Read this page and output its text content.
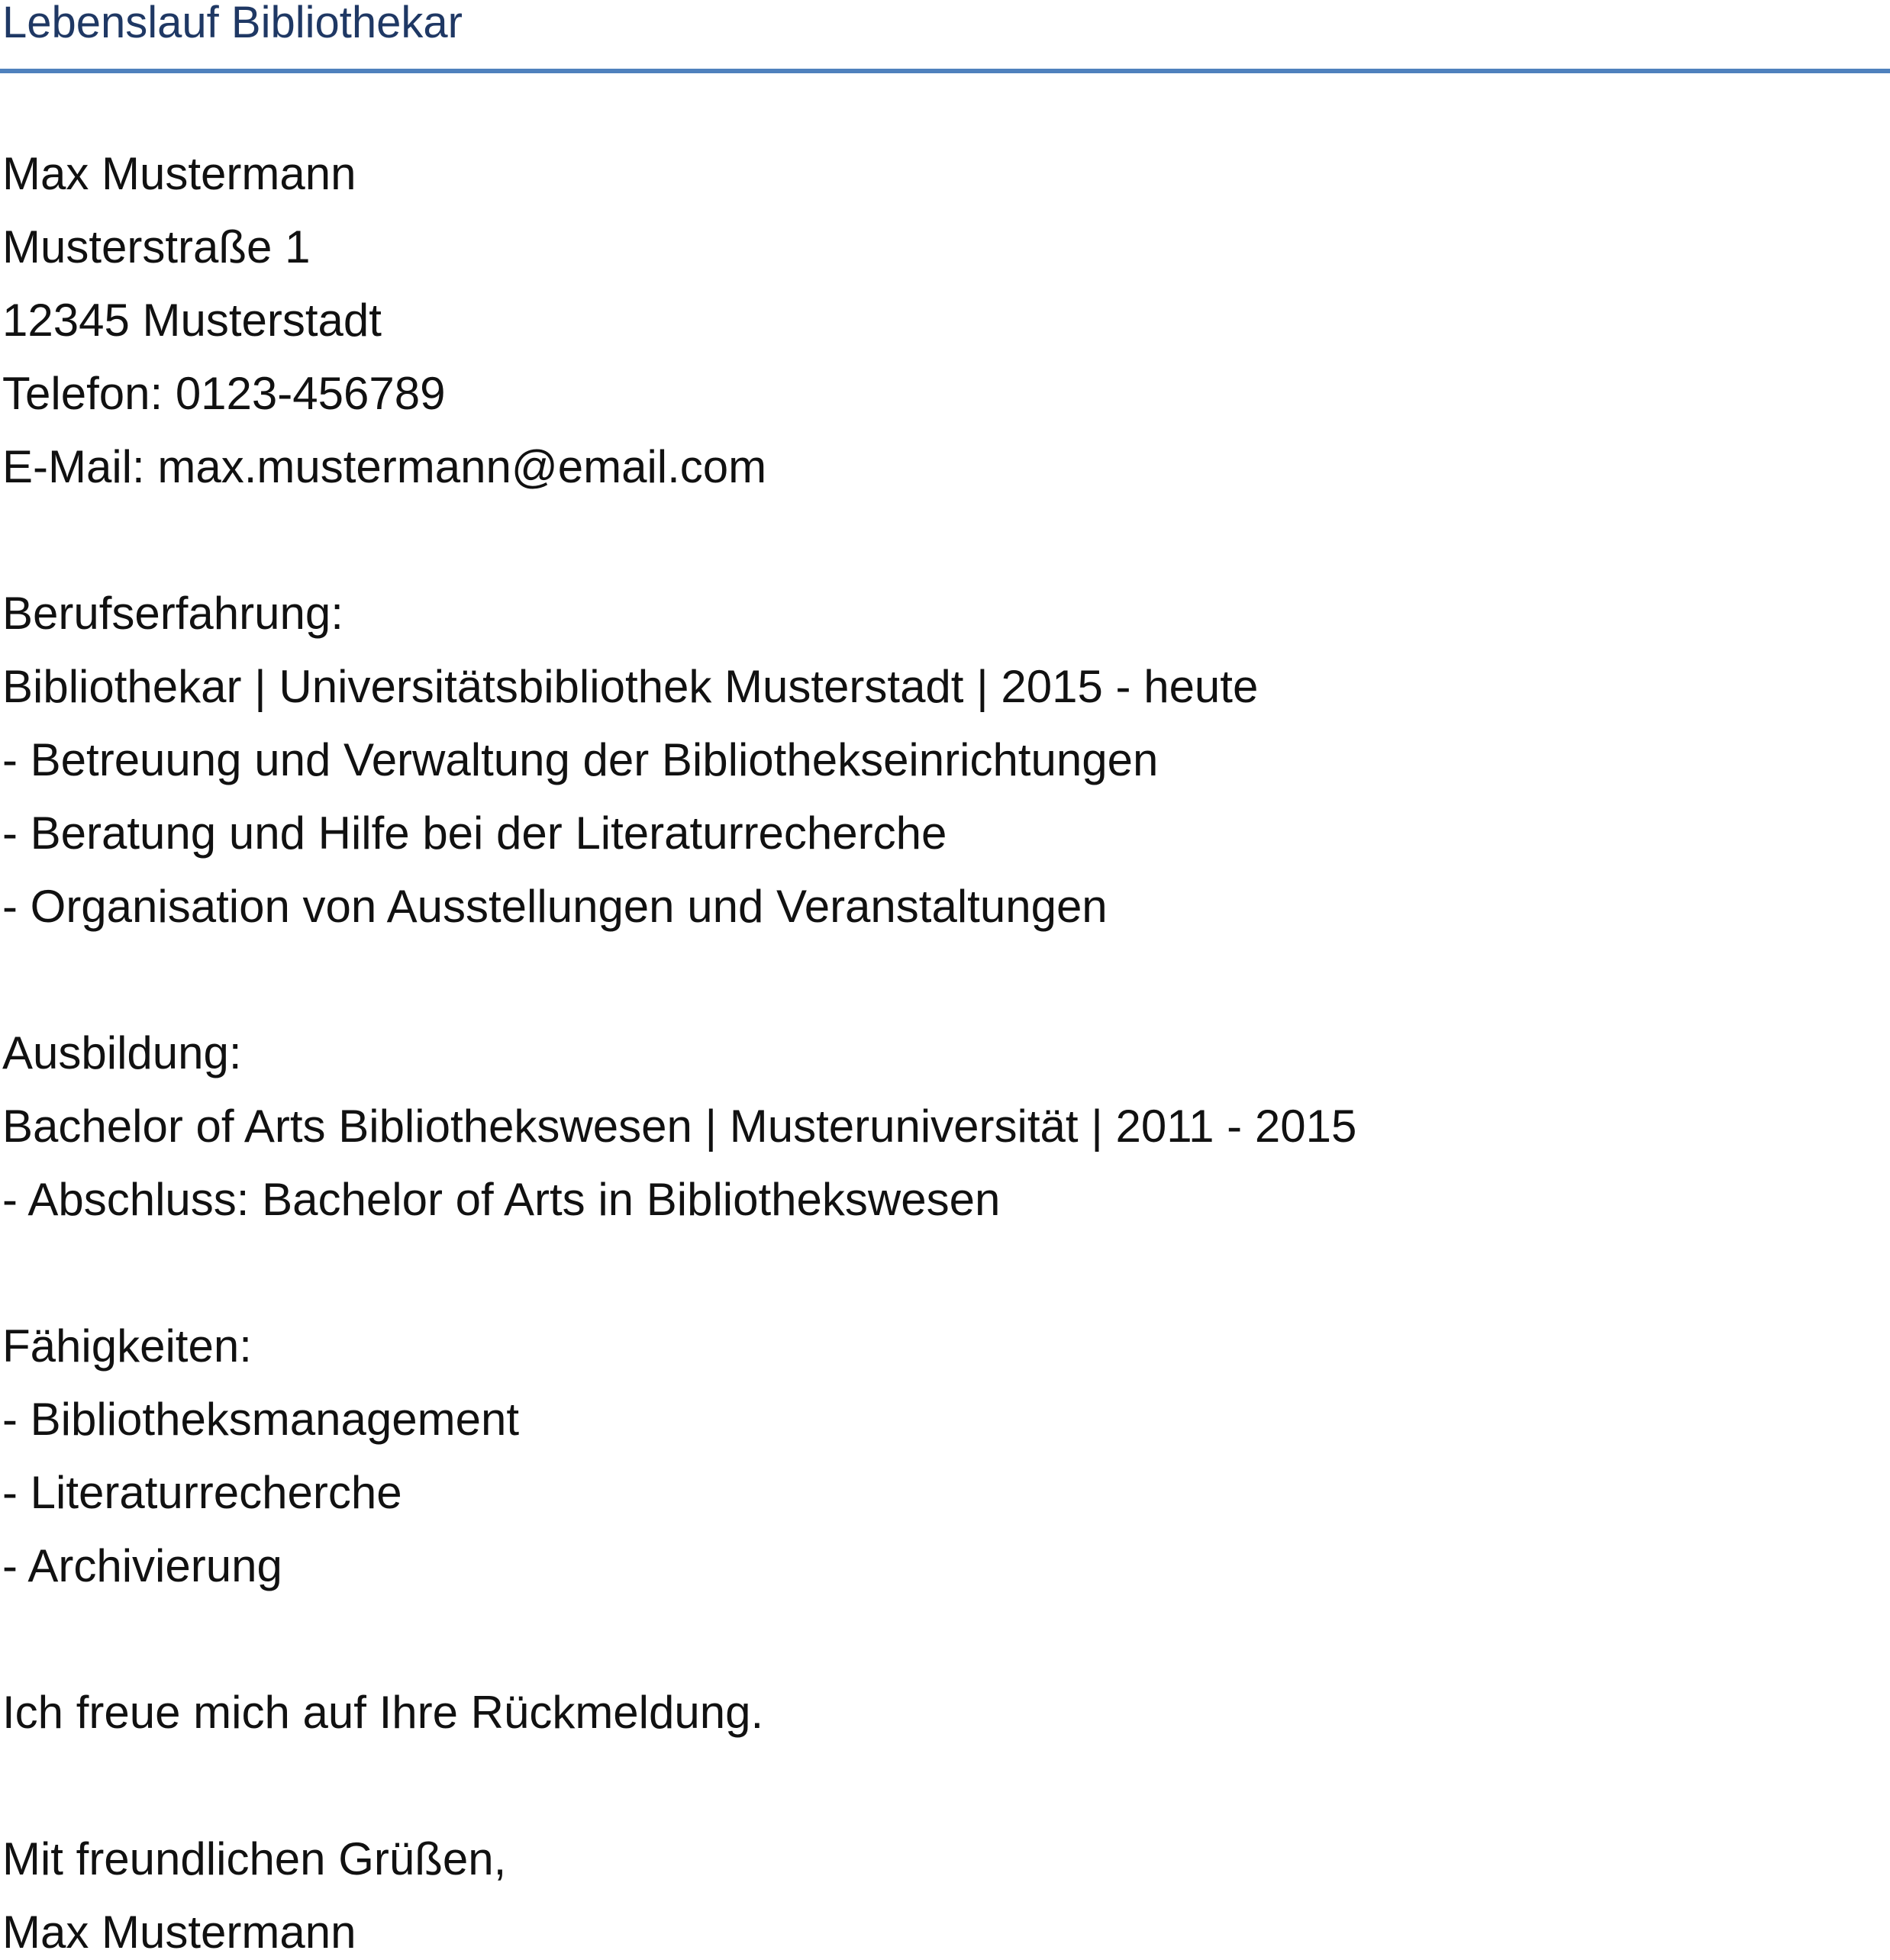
Lebenslauf Bibliothekar
Max Mustermann
Musterstraße 1
12345 Musterstadt
Telefon: 0123-456789
E-Mail: max.mustermann@email.com
Berufserfahrung:
Bibliothekar | Universitätsbibliothek Musterstadt | 2015 - heute
- Betreuung und Verwaltung der Bibliothekseinrichtungen
- Beratung und Hilfe bei der Literaturrecherche
- Organisation von Ausstellungen und Veranstaltungen
Ausbildung:
Bachelor of Arts Bibliothekswesen | Musteruniversität | 2011 - 2015
- Abschluss: Bachelor of Arts in Bibliothekswesen
Fähigkeiten:
- Bibliotheksmanagement
- Literaturrecherche
- Archivierung
Ich freue mich auf Ihre Rückmeldung.
Mit freundlichen Grüßen,
Max Mustermann
